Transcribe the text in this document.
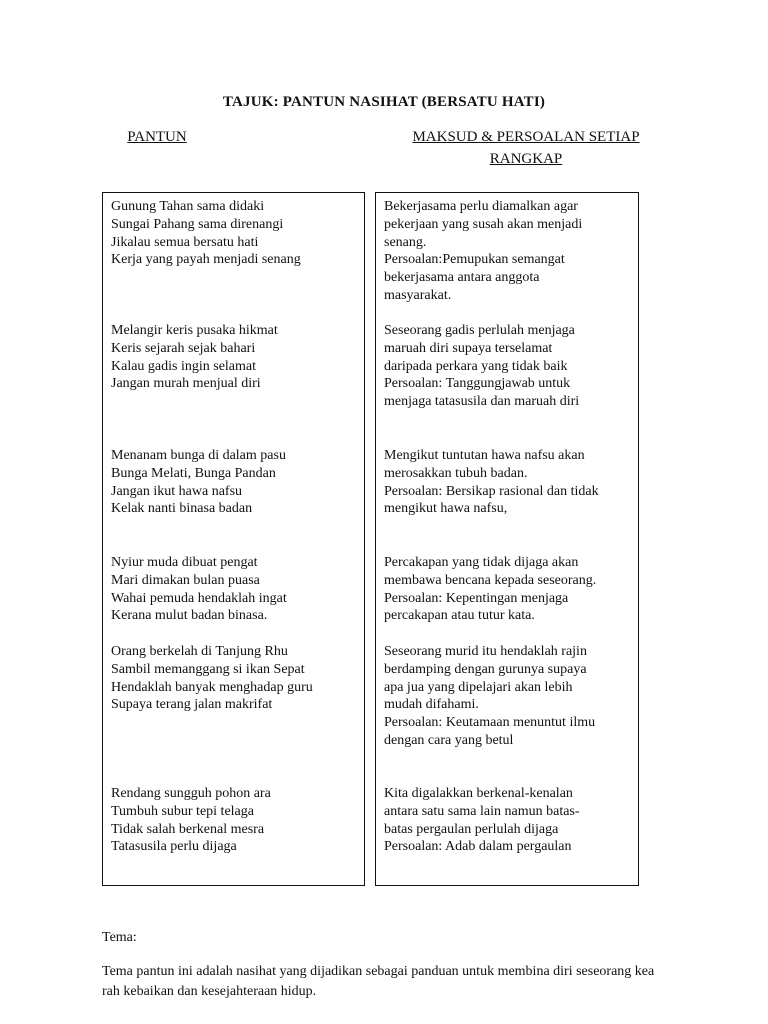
TAJUK: PANTUN NASIHAT (BERSATU HATI)
PANTUN	MAKSUD & PERSOALAN SETIAP RANGKAP
Gunung Tahan sama didaki
Sungai Pahang sama direnangi
Jikalau semua bersatu hati
Kerja yang payah menjadi senang
Melangir keris pusaka hikmat
Keris sejarah sejak bahari
Kalau gadis ingin selamat
Jangan murah menjual diri
Menanam bunga di dalam pasu
Bunga Melati, Bunga Pandan
Jangan ikut hawa nafsu
Kelak nanti binasa badan
Nyiur muda dibuat pengat
Mari dimakan bulan puasa
Wahai pemuda hendaklah ingat
Kerana mulut badan binasa.
Orang berkelah di Tanjung Rhu
Sambil memanggang si ikan Sepat
Hendaklah banyak menghadap guru
Supaya terang jalan makrifat
Rendang sungguh pohon ara
Tumbuh subur tepi telaga
Tidak salah berkenal mesra
Tatasusila perlu dijaga
Bekerjasama perlu diamalkan agar
pekerjaan yang susah akan menjadi
senang.
Persoalan:Pemupukan semangat
bekerjasama antara anggota
masyarakat.
Seseorang gadis perlulah menjaga
maruah diri supaya terselamat
daripada perkara yang tidak baik
Persoalan: Tanggungjawab untuk
menjaga tatasusila dan maruah diri
Mengikut tuntutan hawa nafsu akan
merosakkan tubuh badan.
Persoalan: Bersikap rasional dan tidak
mengikut hawa nafsu,
Percakapan yang tidak dijaga akan
membawa bencana kepada seseorang.
Persoalan: Kepentingan menjaga
percakapan atau tutur kata.
Seseorang murid itu hendaklah rajin
berdamping dengan gurunya supaya
apa jua yang dipelajari akan lebih
mudah difahami.
Persoalan: Keutamaan menuntut ilmu
dengan cara yang betul
Kita digalakkan berkenal-kenalan
antara satu sama lain namun batas-
batas pergaulan perlulah dijaga
Persoalan: Adab dalam pergaulan
Tema:
Tema pantun ini adalah nasihat yang dijadikan sebagai panduan untuk membina diri seseorang kea rah kebaikan dan kesejahteraan hidup.
